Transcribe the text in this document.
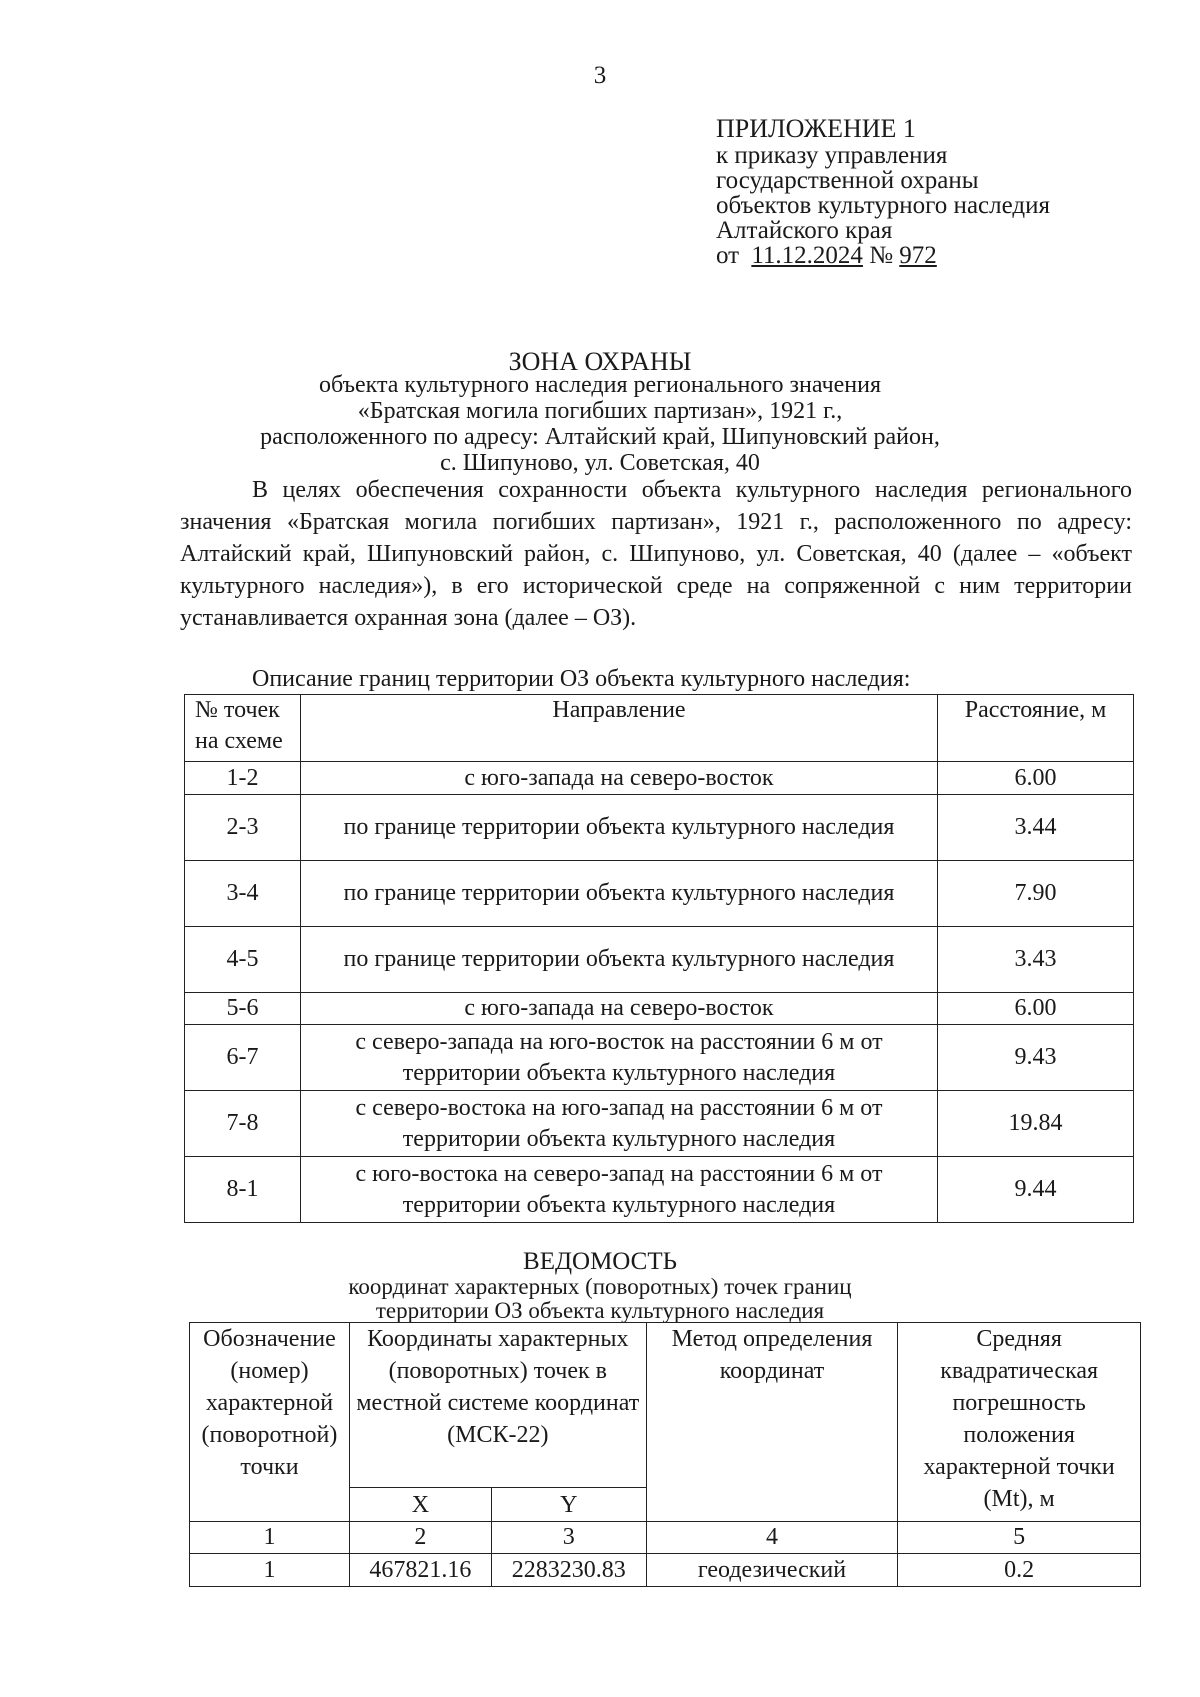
3
ПРИЛОЖЕНИЕ 1
к приказу управления
государственной охраны
объектов культурного наследия
Алтайского края
от 11.12.2024 № 972
ЗОНА ОХРАНЫ
объекта культурного наследия регионального значения
«Братская могила погибших партизан», 1921 г.,
расположенного по адресу: Алтайский край, Шипуновский район,
с. Шипуново, ул. Советская, 40
В целях обеспечения сохранности объекта культурного наследия регионального значения «Братская могила погибших партизан», 1921 г., расположенного по адресу: Алтайский край, Шипуновский район, с. Шипуново, ул. Советская, 40 (далее – «объект культурного наследия»), в его исторической среде на сопряженной с ним территории устанавливается охранная зона (далее – ОЗ).
Описание границ территории ОЗ объекта культурного наследия:
№ точек на схеме	Направление	Расстояние, м
1-2	с юго-запада на северо-восток	6.00
2-3	по границе территории объекта культурного наследия	3.44
3-4	по границе территории объекта культурного наследия	7.90
4-5	по границе территории объекта культурного наследия	3.43
5-6	с юго-запада на северо-восток	6.00
6-7	с северо-запада на юго-восток на расстоянии 6 м от территории объекта культурного наследия	9.43
7-8	с северо-востока на юго-запад на расстоянии 6 м от территории объекта культурного наследия	19.84
8-1	с юго-востока на северо-запад на расстоянии 6 м от территории объекта культурного наследия	9.44
ВЕДОМОСТЬ
координат характерных (поворотных) точек границ
территории ОЗ объекта культурного наследия
Обозначение (номер) характерной (поворотной) точки	Координаты характерных (поворотных) точек в местной системе координат (МСК-22)		Метод определения координат	Средняя квадратическая погрешность положения характерной точки (Mt), м
	X	Y		
1	2	3	4	5
1	467821.16	2283230.83	геодезический	0.2
